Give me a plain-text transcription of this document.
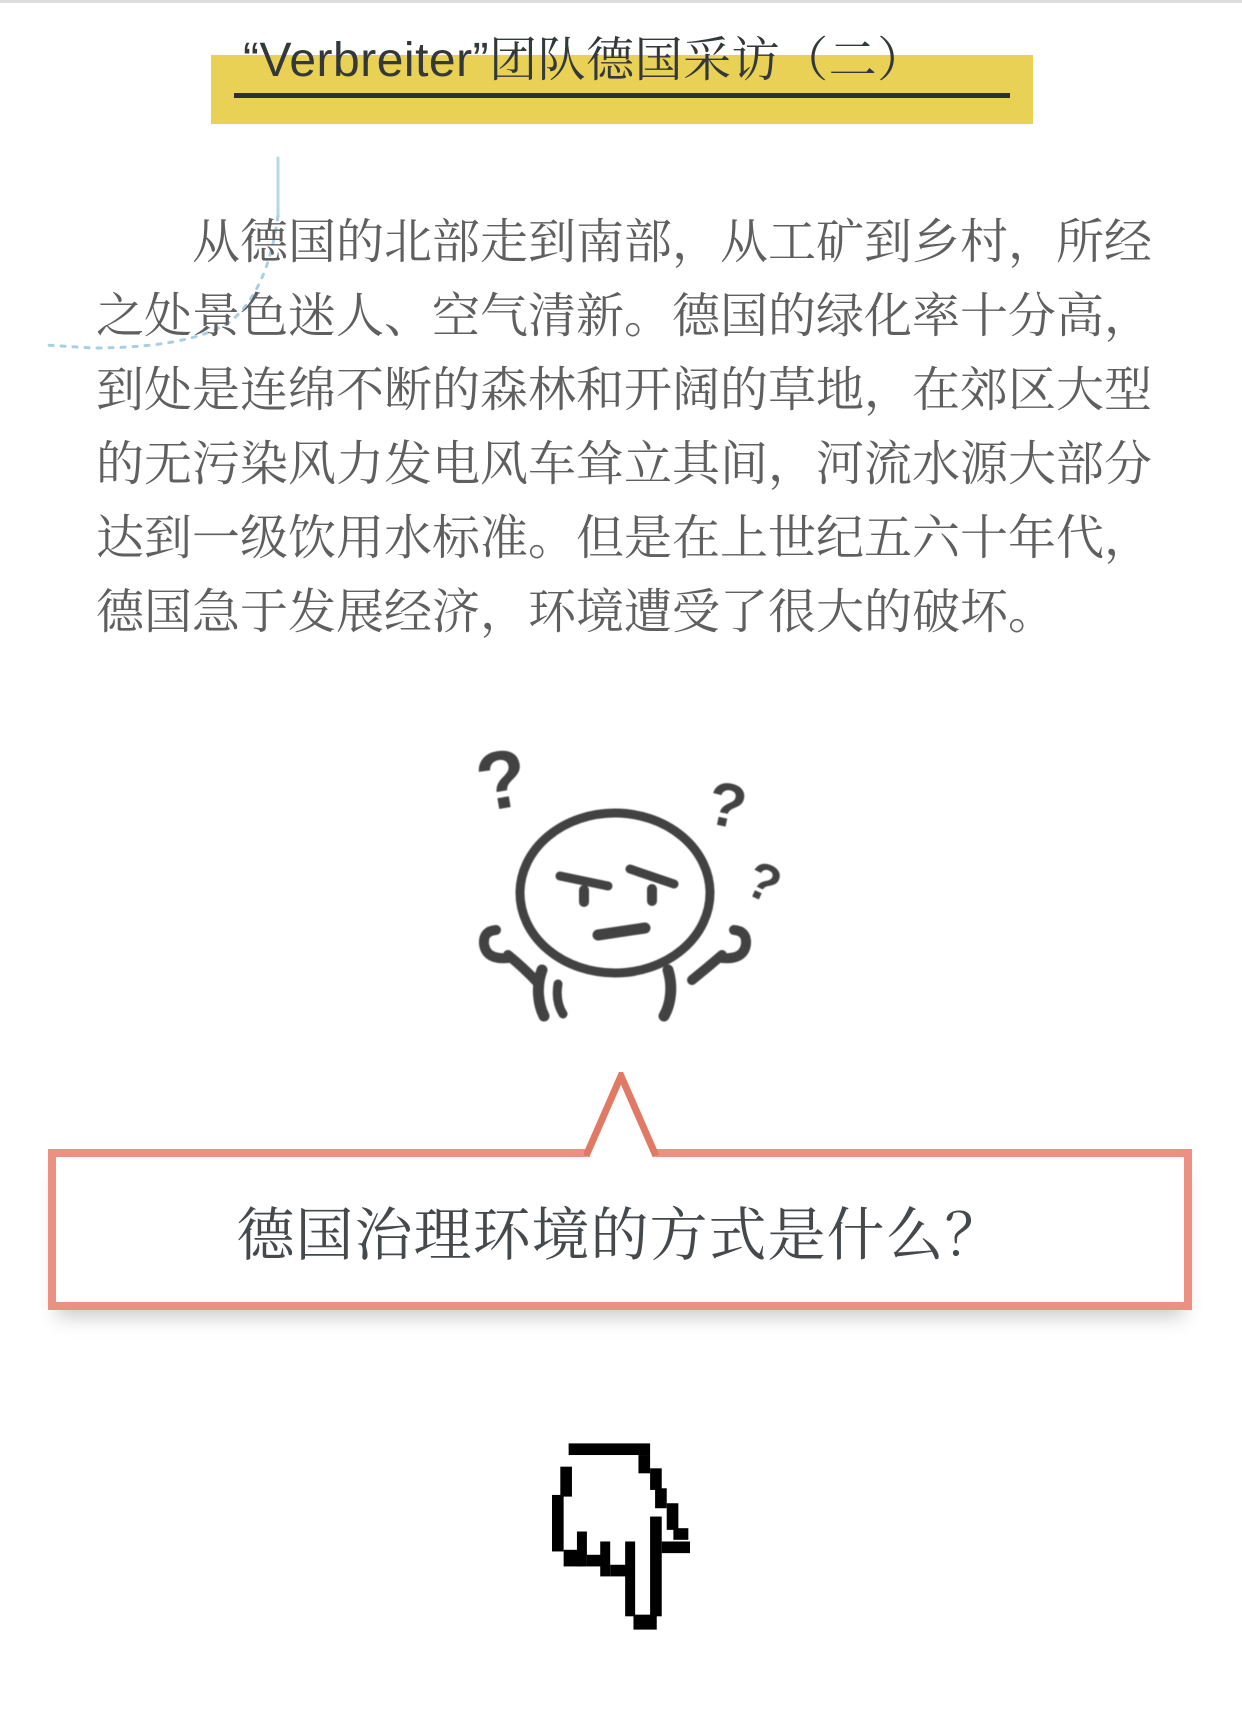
“Verbreiter”团队德国采访（二）
从德国的北部走到南部，从工矿到乡村，所经
之处景色迷人、空气清新。德国的绿化率十分高，
到处是连绵不断的森林和开阔的草地，在郊区大型
的无污染风力发电风车耸立其间，河流水源大部分
达到一级饮用水标准。但是在上世纪五六十年代，
德国急于发展经济，环境遭受了很大的破坏。
?	?
?
德国治理环境的方式是什么？
